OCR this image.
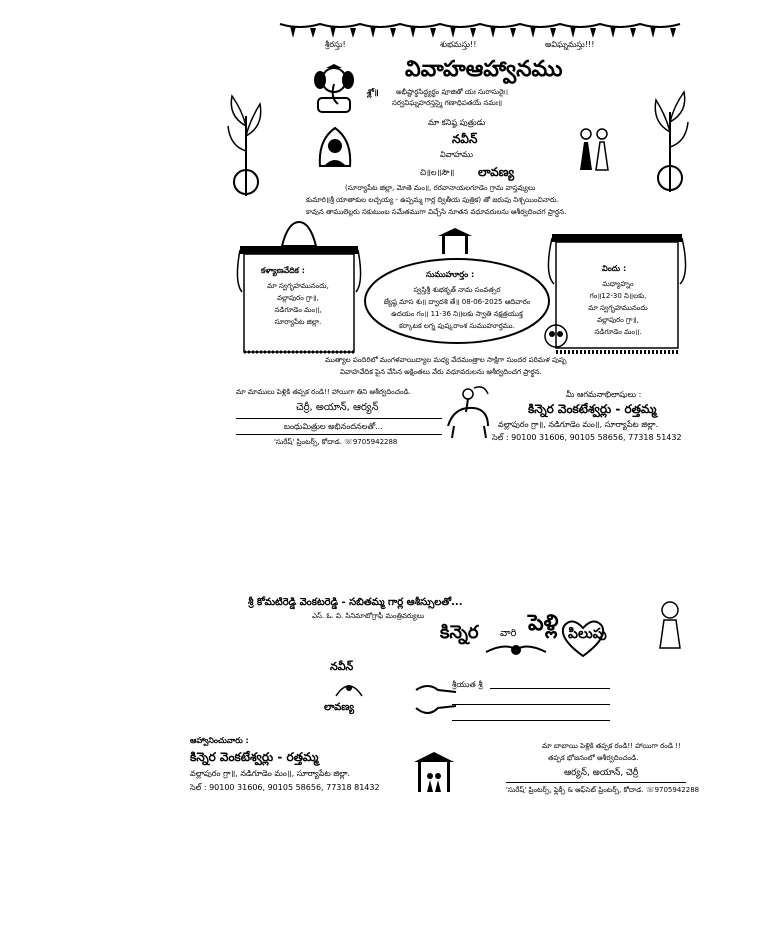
శ్రీరస్తు!	శుభమస్తు!!	అవిఘ్నమస్తు!!!
వివాహఆహ్వానము
శ్లో॥ అభీష్టార్థసిద్ధ్యర్థం పూజితో యః సురాసురైః।
సర్వవిఘ్నహరస్తస్మై గణాధిపతయే నమః॥
మా కనిష్ఠ పుత్రుడు
నవీన్
వివాహము
చి॥ల॥సౌ॥ లావణ్య
(సూర్యాపేట జిల్లా, మోతె మం॥, రరవానాయలగూడెం గ్రామ వాస్తవ్యులు
కుమారి॥శ్రీ యాతాకుల లచ్చయ్య - ఉప్పమ్మ గార్ల ద్వితీయ పుత్రిక) తో జరుపు నిశ్చయించినారు.
కావున తాములెల్లరు సకుటుంబ సమేతముగా విచ్చేసి నూతన వధూవరులను ఆశీర్వదించగ ప్రార్థన.
కళ్యాణవేదిక :
మా స్వగృహమునందు,
వల్లాపురం గ్రా॥,
నడిగూడెం మం॥,
సూర్యాపేట జిల్లా.
సుముహూర్తం :
స్వస్తిశ్రీ శుభకృత్ నామ సంవత్సర
జ్యేష్ఠ మాస శు॥ ద్వాదశి తే॥ 08-06-2025 ఆదివారం
ఉదయం గం॥ 11-36 ని॥లకు స్వాతి నక్షత్రయుక్త
కర్కాటక లగ్న పుష్కరాంశ సుముహూర్తము.
విందు :
మధ్యాహ్నం
గం॥12-30 ని॥లకు,
మా స్వగృహమునందు
వల్లాపురం గ్రా॥,
నడిగూడెం మం॥.
ముత్యాల పందిరిలో మంగళవాయిద్యాల మధ్య వేదమంత్రాల సాక్షిగా సుందర పరిమళ పుష్ప
వివాహవేదిక పైన వేసిన అక్షింతలు వేరు వధూవరులను ఆశీర్వదించగ ప్రార్థన.
మా మాములు పెళ్లికి తప్పక రండి!! హాయిగా తిని ఆశీర్వదించండి.
చెర్రీ, అయాన్, ఆర్యన్
బంధుమిత్రుల అభినందనలతో...
'సురేష్' ప్రింటర్స్, కోదాడ. ☏9705942288
మీ ఆగమనాభిలాషులు :
కిన్నెర వెంకటేశ్వర్లు - రత్తమ్మ
వల్లాపురం గ్రా॥, నడిగూడెం మం॥, సూర్యాపేట జిల్లా.
సెల్ : 90100 31606, 90105 58656, 77318 51432
శ్రీ కోమటిరెడ్డి వెంకటరెడ్డి - సబితమ్మ గార్ల ఆశీస్సులతో...
ఎస్. ఓ. వి. సినిమాటోగ్రాఫీ మంత్రివర్యులు
కిన్నెర వారి పెళ్లి పిలుపు
నవీన్
లావణ్య
శ్రీయుత శ్రీ
ఆహ్వానించువారు :
కిన్నెర వెంకటేశ్వర్లు - రత్తమ్మ
వల్లాపురం గ్రా॥, నడిగూడెం మం॥, సూర్యాపేట జిల్లా.
సెల్ : 90100 31606, 90105 58656, 77318 81432
మా బాబాయి పెళ్లికి తప్పక రండి!! హాయిగా రండి !!
తప్పక భోజనంలో ఆశీర్వదించండి.
ఆర్యన్, అయాన్, చెర్రీ
'సురేష్' ప్రింటర్స్, ఫ్లెక్సీ & ఆఫ్‌సెట్ ప్రింటర్స్, కోదాడ. ☏9705942288
